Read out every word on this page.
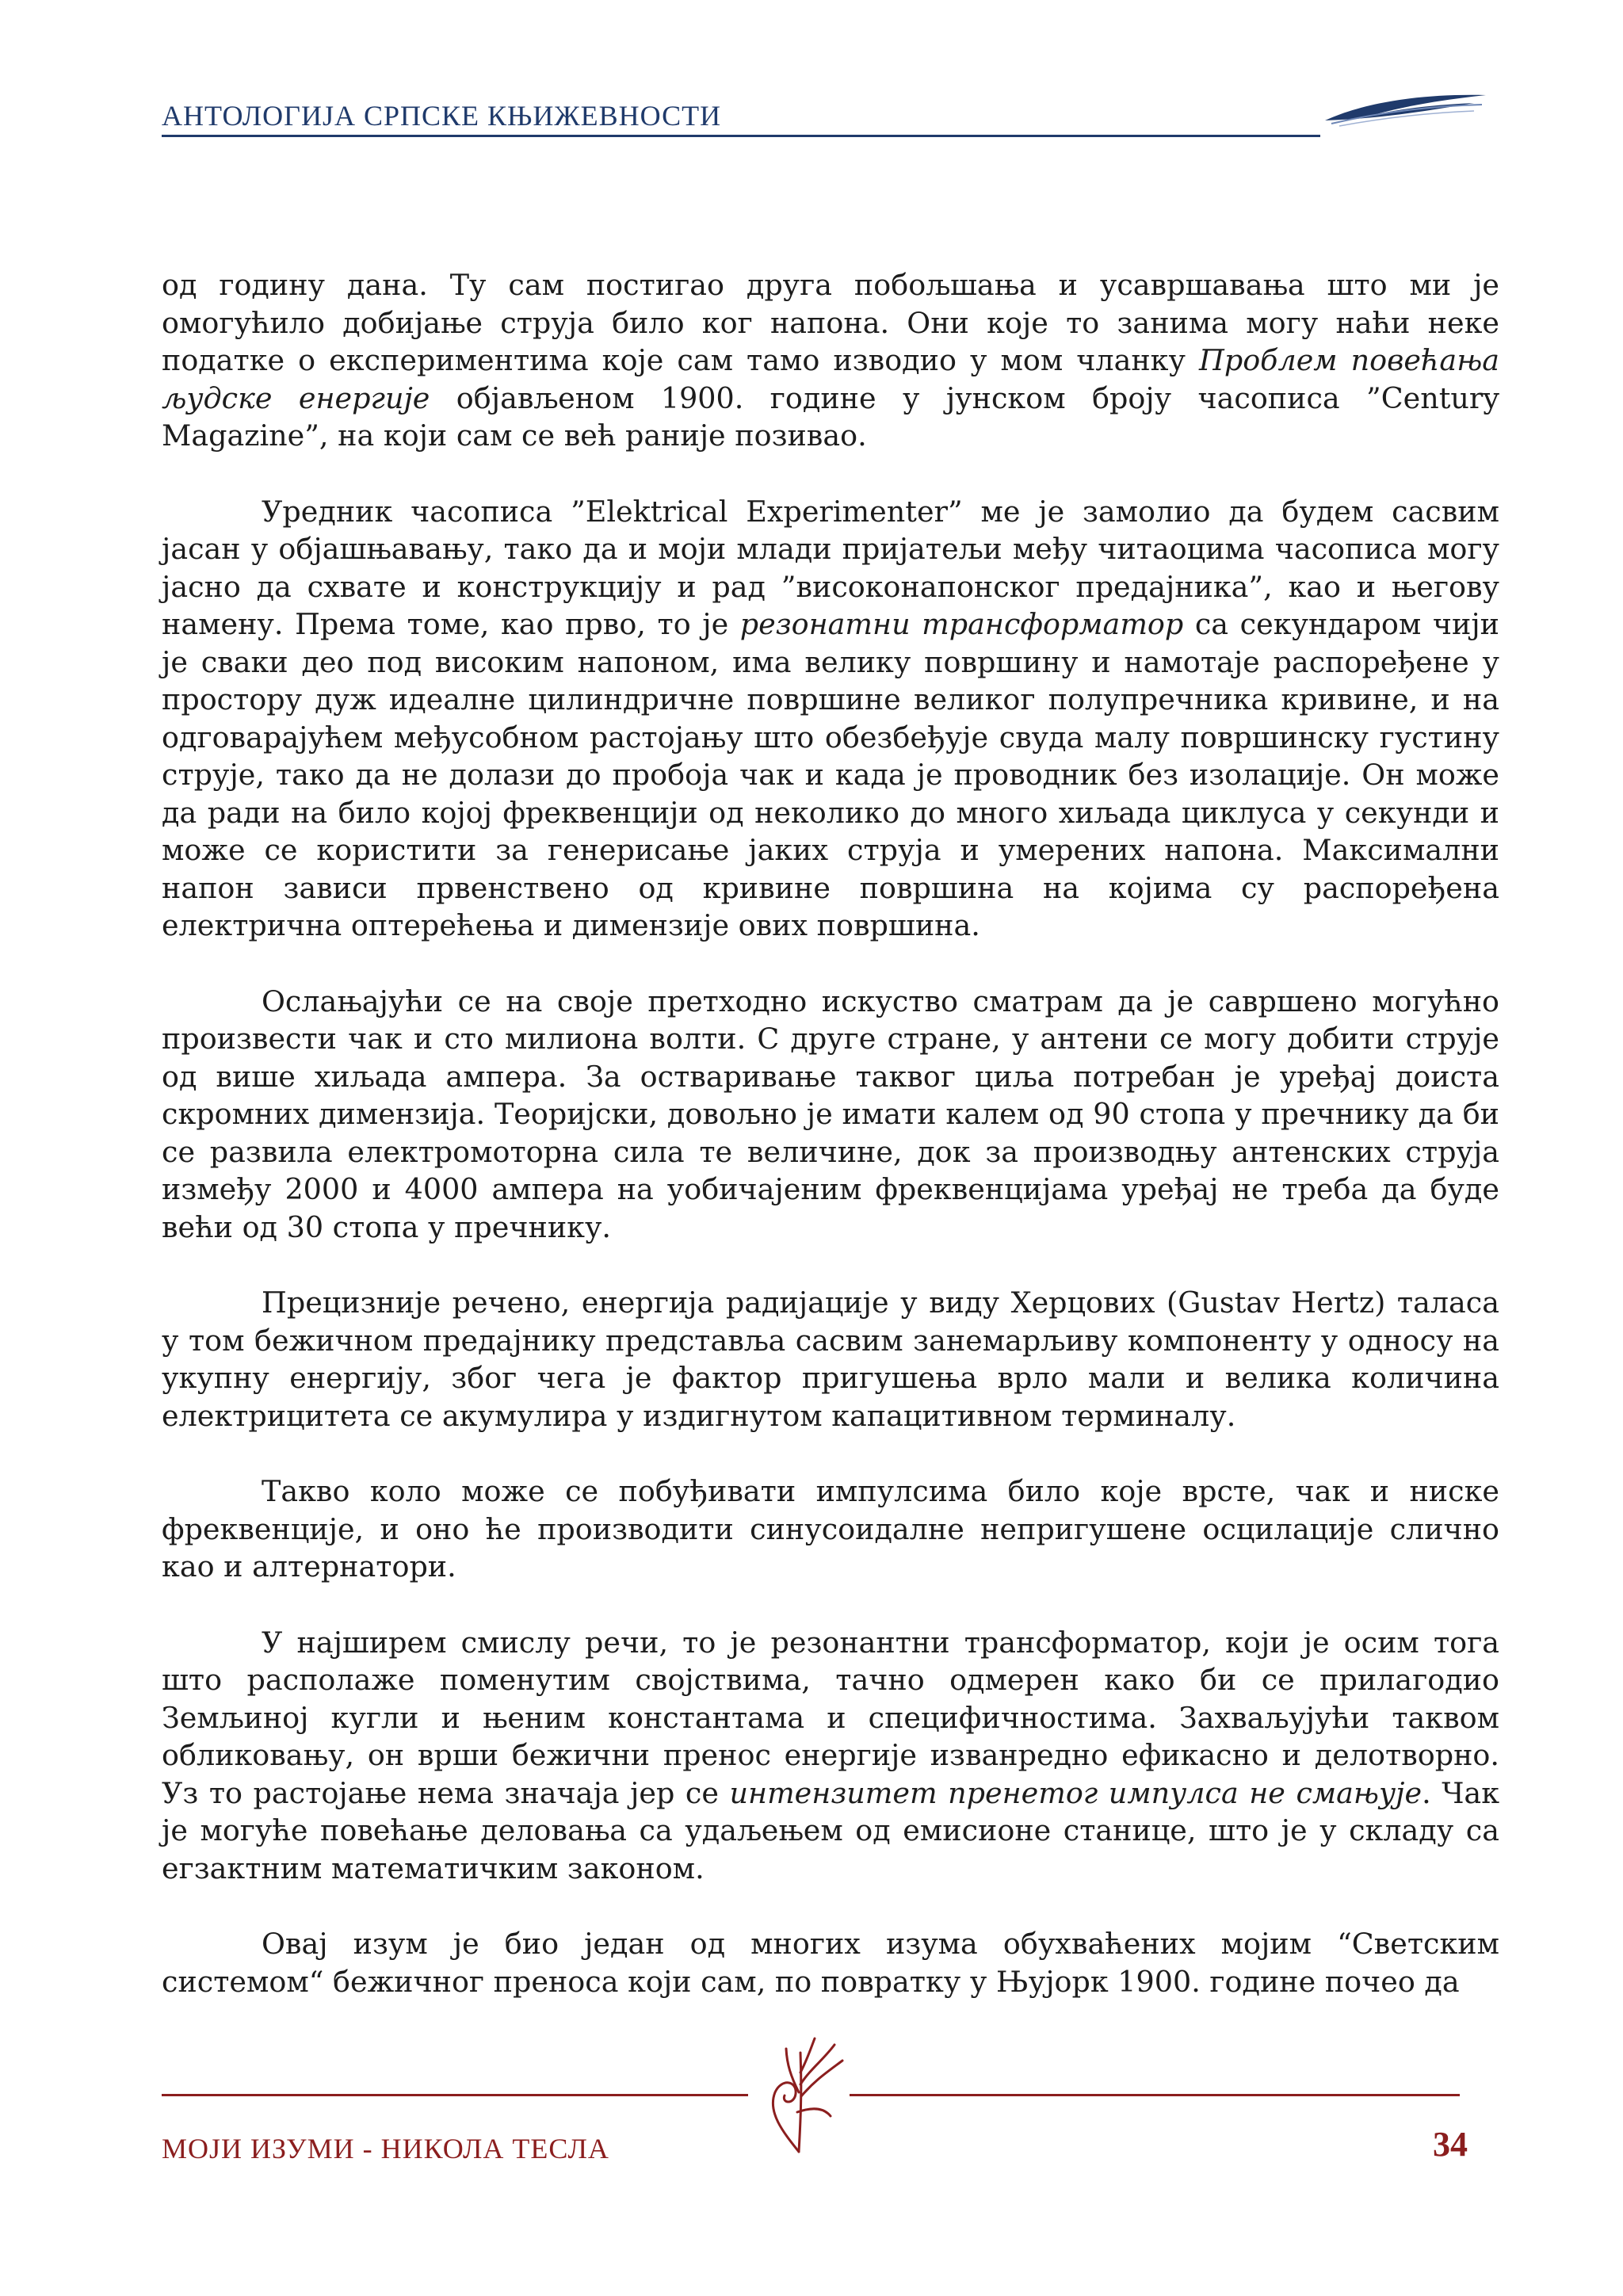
АНТОЛОГИЈА СРПСКЕ КЊИЖЕВНОСТИ

од годину дана. Ту сам постигао друга побољшања и усавршавања што ми је омогућило добијање струја било ког напона. Они које то занима могу наћи неке податке о експериментима које сам тамо изводио у мом чланку Проблем повећања људске енергије објављеном 1900. године у јунском броју часописа ”Century Magazine”, на који сам се већ раније позивао.

Уредник часописа ”Elektrical Experimenter” ме је замолио да будем сасвим јасан у објашњавању, тако да и моји млади пријатељи међу читаоцима часописа могу јасно да схвате и конструкцију и рад ”високонапонског предајника”, као и његову намену. Према томе, као прво, то је резонатни трансформатор са секундаром чији је сваки део под високим напоном, има велику површину и намотаје распоређене у простору дуж идеалне цилиндричне површине великог полупречника кривине, и на одговарајућем међусобном растојању што обезбеђује свуда малу површинску густину струје, тако да не долази до пробоја чак и када је проводник без изолације. Он може да ради на било којој фреквенцији од неколико до много хиљада циклуса у секунди и може се користити за генерисање јаких струја и умерених напона. Максимални напон зависи првенствено од кривине површина на којима су распоређена електрична оптерећења и димензије ових површина.

Ослањајући се на своје претходно искуство сматрам да је савршено могућно произвести чак и сто милиона волти. С друге стране, у антени се могу добити струје од више хиљада ампера. За остваривање таквог циља потребан је уређај доиста скромних димензија. Теоријски, довољно је имати калем од 90 стопа у пречнику да би се развила електромоторна сила те величине, док за производњу антенских струја између 2000 и 4000 ампера на уобичајеним фреквенцијама уређај не треба да буде већи од 30 стопа у пречнику.

Прецизније речено, енергија радијације у виду Херцових (Gustav Hertz) таласа у том бежичном предајнику представља сасвим занемарљиву компоненту у односу на укупну енергију, због чега је фактор пригушења врло мали и велика количина електрицитета се акумулира у издигнутом капацитивном терминалу.

Такво коло може се побуђивати импулсима било које врсте, чак и ниске фреквенције, и оно ће производити синусоидалне непригушене осцилације слично као и алтернатори.

У најширем смислу речи, то је резонантни трансформатор, који је осим тога што располаже поменутим својствима, тачно одмерен како би се прилагодио Земљиној кугли и њеним константама и специфичностима. Захваљујући таквом обликовању, он врши бежични пренос енергије изванредно ефикасно и делотворно. Уз то растојање нема значаја јер се интензитет пренетог импулса не смањује. Чак је могуће повећање деловања са удаљењем од емисионе станице, што је у складу са егзактним математичким законом.

Овај изум је био један од многих изума обухваћених мојим “Светским системом“ бежичног преноса који сам, по повратку у Њујорк 1900. године почео да

МОЈИ ИЗУМИ - НИКОЛА ТЕСЛА	34
